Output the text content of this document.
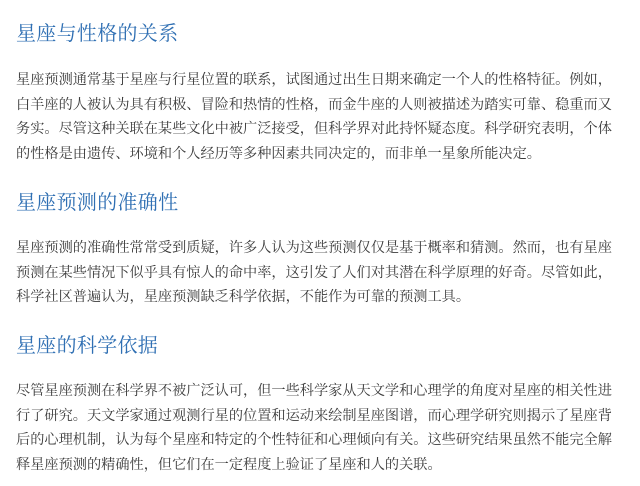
星座与性格的关系

星座预测通常基于星座与行星位置的联系，试图通过出生日期来确定一个人的性格特征。例如，
白羊座的人被认为具有积极、冒险和热情的性格，而金牛座的人则被描述为踏实可靠、稳重而又
务实。尽管这种关联在某些文化中被广泛接受，但科学界对此持怀疑态度。科学研究表明，个体
的性格是由遗传、环境和个人经历等多种因素共同决定的，而非单一星象所能决定。

星座预测的准确性

星座预测的准确性常常受到质疑，许多人认为这些预测仅仅是基于概率和猜测。然而，也有星座
预测在某些情况下似乎具有惊人的命中率，这引发了人们对其潜在科学原理的好奇。尽管如此，
科学社区普遍认为，星座预测缺乏科学依据，不能作为可靠的预测工具。

星座的科学依据

尽管星座预测在科学界不被广泛认可，但一些科学家从天文学和心理学的角度对星座的相关性进
行了研究。天文学家通过观测行星的位置和运动来绘制星座图谱，而心理学研究则揭示了星座背
后的心理机制，认为每个星座和特定的个性特征和心理倾向有关。这些研究结果虽然不能完全解
释星座预测的精确性，但它们在一定程度上验证了星座和人的关联。
